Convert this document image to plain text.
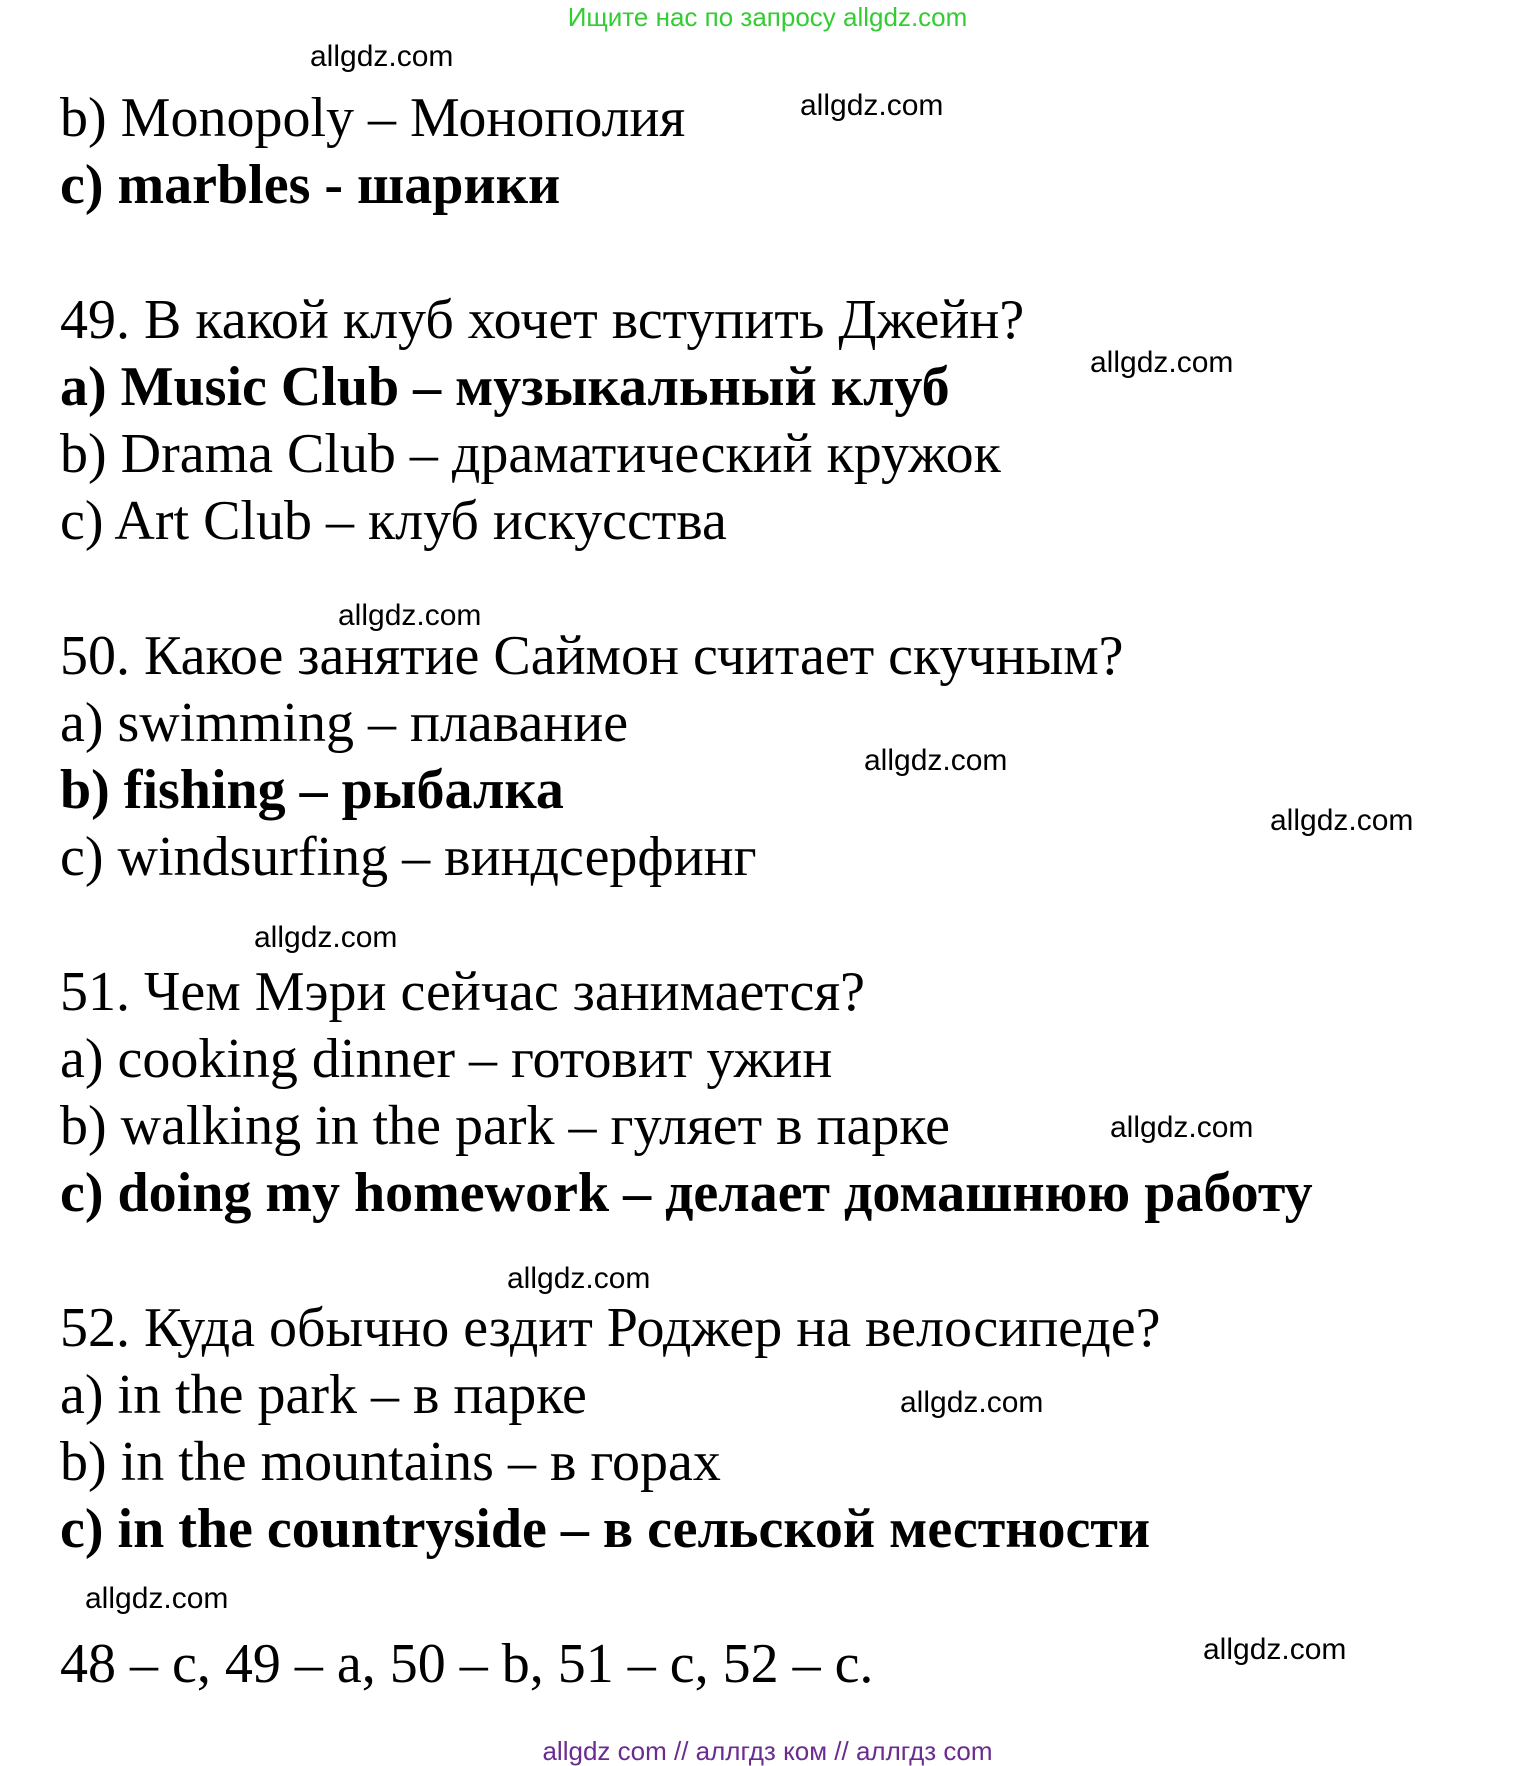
Ищите нас по запросу allgdz.com
b) Monopoly – Монополия
c) marbles - шарики
49. В какой клуб хочет вступить Джейн?
a) Music Club – музыкальный клуб
b) Drama Club – драматический кружок
c) Art Club – клуб искусства
50. Какое занятие Саймон считает скучным?
a) swimming – плавание
b) fishing – рыбалка
c) windsurfing – виндсерфинг
51. Чем Мэри сейчас занимается?
a) cooking dinner – готовит ужин
b) walking in the park – гуляет в парке
c) doing my homework – делает домашнюю работу
52. Куда обычно ездит Роджер на велосипеде?
a) in the park – в парке
b) in the mountains – в горах
c) in the countryside – в сельской местности
48 – c, 49 – a, 50 – b, 51 – c, 52 – c.
allgdz.com
allgdz.com
allgdz.com
allgdz.com
allgdz.com
allgdz.com
allgdz.com
allgdz.com
allgdz.com
allgdz.com
allgdz.com
allgdz.com
allgdz com // аллгдз ком // аллгдз com
